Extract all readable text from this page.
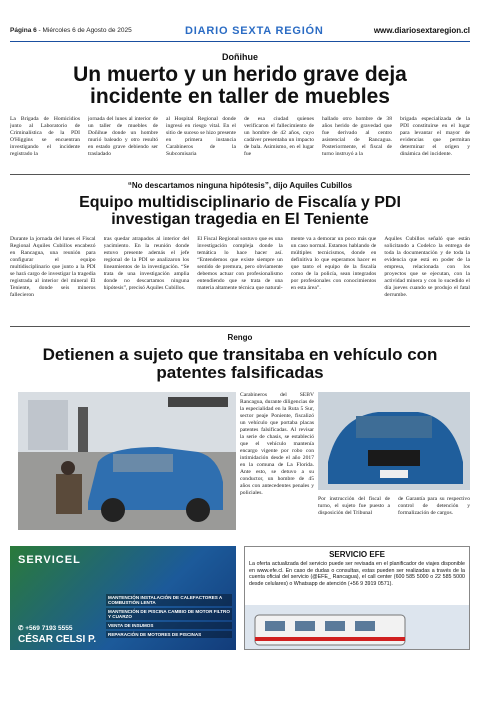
Página 6 - Miércoles 6 de Agosto de 2025	DIARIO SEXTA REGIÓN	www.diariosextaregion.cl
Doñihue
Un muerto y un herido grave deja incidente en taller de muebles
La Brigada de Homicidios junto al Laboratorio de Criminalística de la PDI O'Higgins se encuentran investigando el incidente registrado la
jornada del lunes al interior de un taller de muebles de Doñihue donde un hombre murió baleado y otro resultó en estado grave debiendo ser trasladado
al Hospital Regional donde ingresó en riesgo vital. En el sitio de suceso se hizo presente en primera instancia Carabineros de la Subcomisaria
de esa ciudad quienes verificaron el fallecimiento de un hombre de 42 años, cuyo cadáver presentaba un impacto de bala. Asimismo, en el lugar fue
hallado otro hombre de 38 años herido de gravedad que fue derivado al centro asistencial de Rancagua. Posteriormente, el fiscal de turno instruyó a la
brigada especializada de la PDI constituirse en el lugar para levantar el mayor de evidencias que permitan determinar el origen y dinámica del incidente.
“No descartamos ninguna hipótesis”, dijo Aquiles Cubillos
Equipo multidisciplinario de Fiscalía y PDI investigan tragedia en El Teniente
Durante la jornada del lunes el Fiscal Regional Aquiles Cubillos encabezó en Rancagua, una reunión para configurar el equipo multidisciplinario que junto a la PDI se hará cargo de investigar la tragedia registrada al interior del mineral El Teniente, donde seis mineros fallecieron
tras quedar atrapados al interior del yacimiento. En la reunión donde estuvo presente además el jefe regional de la PDI se analizaron los lineamientos de la investigación. “Se trata de una investigación amplia donde no descartamos ninguna hipótesis”, precisó Aquiles Cubillos.
El Fiscal Regional sostuvo que es una investigación compleja donde la temática lo hace hacer así. “Entendemos que existe siempre un sentido de premura, pero obviamente debemos actuar con profesionalismo entendiendo que se trata de una materia altamente técnica que natural-
mente va a demorar un poco más que un caso normal. Estamos hablando de múltiples tecnicismos, donde en definitiva lo que esperamos hacer es que tanto el equipo de la fiscalía como de la policía, sean integrados por profesionales con conocimientos en esta área”.
Aquiles Cubillos señaló que están solicitando a Codelco la entrega de toda la documentación y de toda la evidencia que está en poder de la empresa, relacionada con los proyectos que se ejecutan, con la actividad minera y con lo sucedido el día jueves cuando se produjo el fatal derrumbe.
Rengo
Detienen a sujeto que transitaba en vehículo con patentes falsificadas
Carabineros del SEBV Rancagua, durante diligencias de la especialidad en la Ruta 5 Sur, sector peaje Poniente, fiscalizó un vehículo que portaba placas patentes falsificadas. Al revisar la serie de chasis, se estableció que el vehículo mantenía encargo vigente por robo con intimidación desde el año 2017 en la comuna de La Florida. Ante esto, se detuvo a su conductor, un hombre de 45 años con antecedentes penales y policiales.
Por instrucción del fiscal de turno, el sujeto fue puesto a disposición del Tribunal
de Garantía para su respectivo control de detención y formalización de cargos.
SERVICEL
MANTENCIÓN INSTALACIÓN DE CALEFACTORES A COMBUSTIÓN LENTA
MANTENCIÓN DE PISCINA CAMBIO DE MOTOR FILTRO Y CUARZO
VENTA DE INSUMOS
REPARACIÓN DE MOTORES DE PISCINAS
✆ +569 7193 5555
CÉSAR CELSI P.
SERVICIO EFE
La oferta actualizada del servicio puede ser revisada en el planificador de viajes disponible en www.efe.cl. En caso de dudas o consultas, estas pueden ser realizadas a través de la cuenta oficial del servicio (@EFE_ Rancagua), el call center (600 585 5000 o 22 585 5000 desde celulares) o Whatsapp de atención (+56 9 3919 0571).
